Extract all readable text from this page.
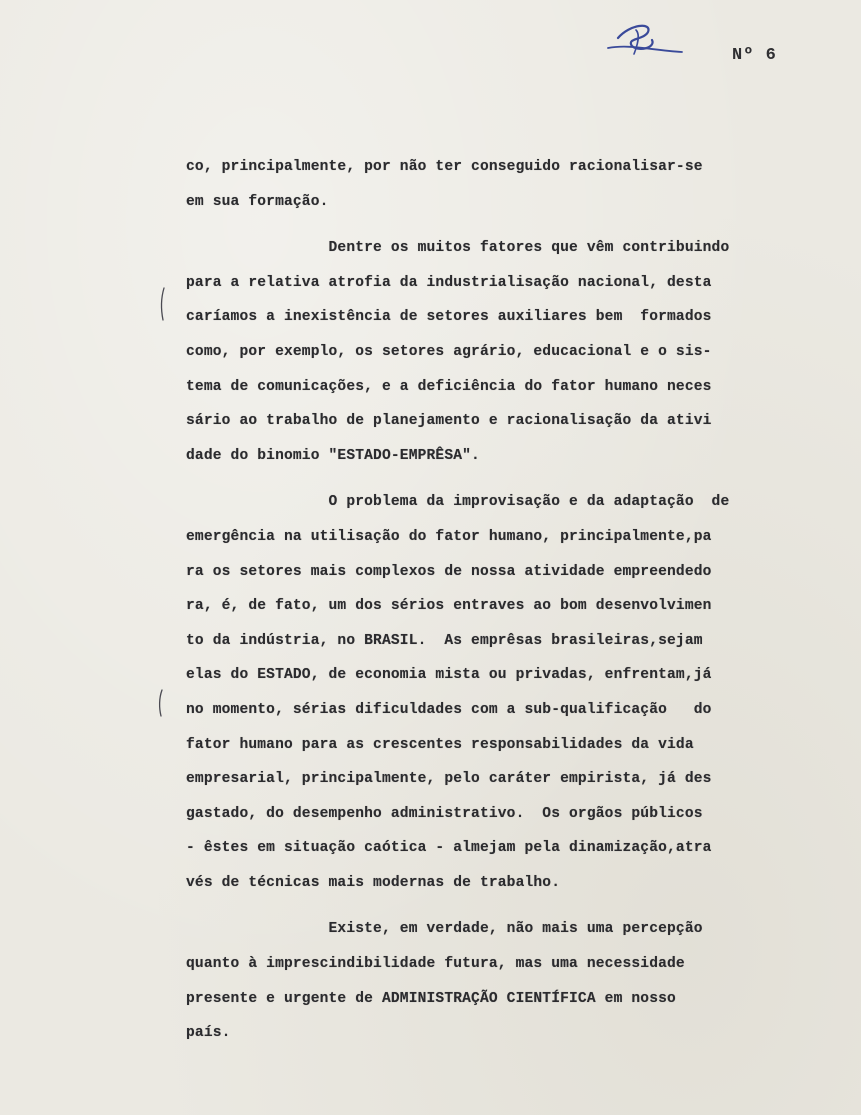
Nº 6

co, principalmente, por não ter conseguido racionalisar-se

em sua formação.

Dentre os muitos fatores que vêm contribuindo

para a relativa atrofia da industrialisação nacional, desta

caríamos a inexistência de setores auxiliares bem  formados

como, por exemplo, os setores agrário, educacional e o sis-

tema de comunicações, e a deficiência do fator humano neces

sário ao trabalho de planejamento e racionalisação da ativi

dade do binomio "ESTADO-EMPRÊSA".

O problema da improvisação e da adaptação  de

emergência na utilisação do fator humano, principalmente,pa

ra os setores mais complexos de nossa atividade empreendedo

ra, é, de fato, um dos sérios entraves ao bom desenvolvimen

to da indústria, no BRASIL.  As emprêsas brasileiras,sejam

elas do ESTADO, de economia mista ou privadas, enfrentam,já

no momento, sérias dificuldades com a sub-qualificação   do

fator humano para as crescentes responsabilidades da vida

empresarial, principalmente, pelo caráter empirista, já des

gastado, do desempenho administrativo.  Os orgãos públicos

- êstes em situação caótica - almejam pela dinamização,atra

vés de técnicas mais modernas de trabalho.

Existe, em verdade, não mais uma percepção

quanto à imprescindibilidade futura, mas uma necessidade

presente e urgente de ADMINISTRAÇÃO CIENTÍFICA em nosso

país.
